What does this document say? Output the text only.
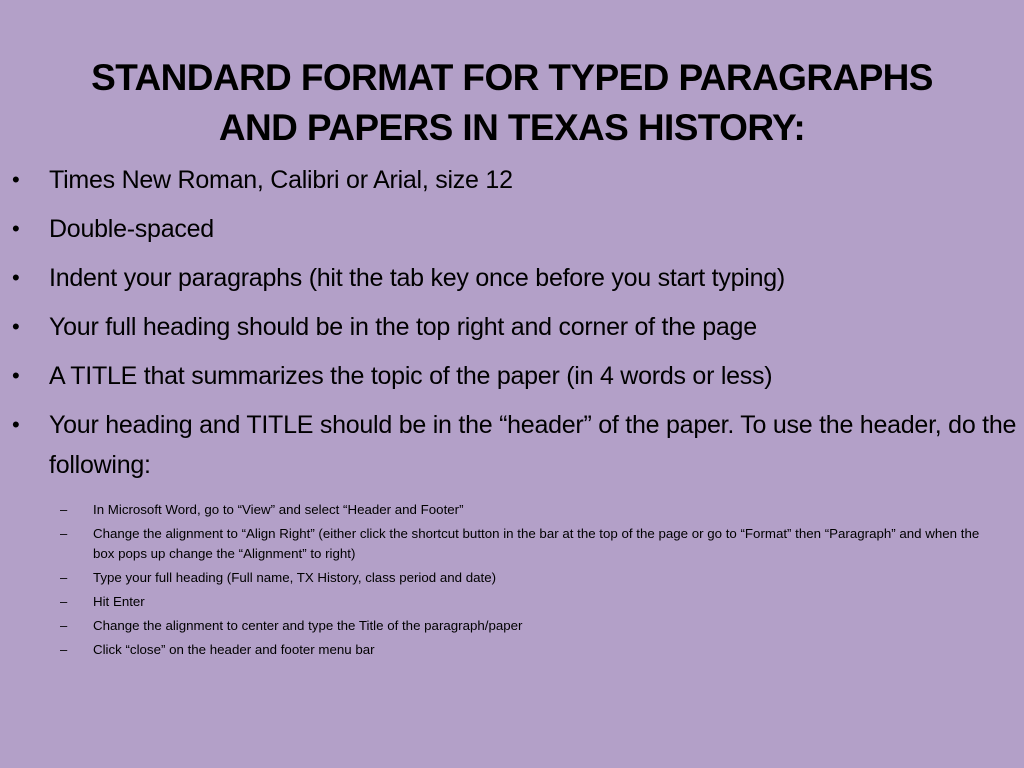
STANDARD FORMAT FOR TYPED PARAGRAPHS
AND PAPERS IN TEXAS HISTORY:
•	Times New Roman, Calibri or Arial, size 12
•	Double-spaced
•	Indent your paragraphs (hit the tab key once before you start typing)
•	Your full heading should be in the top right and corner of the page
•	A TITLE that summarizes the topic of the paper (in 4 words or less)
•	Your heading and TITLE should be in the “header” of the paper. To use the header, do the following:
– In Microsoft Word, go to “View” and select “Header and Footer”
– Change the alignment to “Align Right” (either click the shortcut button in the bar at the top of the page or go to “Format” then “Paragraph” and when the box pops up change the “Alignment” to right)
– Type your full heading (Full name, TX History, class period and date)
– Hit Enter
– Change the alignment to center and type the Title of the paragraph/paper
– Click “close” on the header and footer menu bar
